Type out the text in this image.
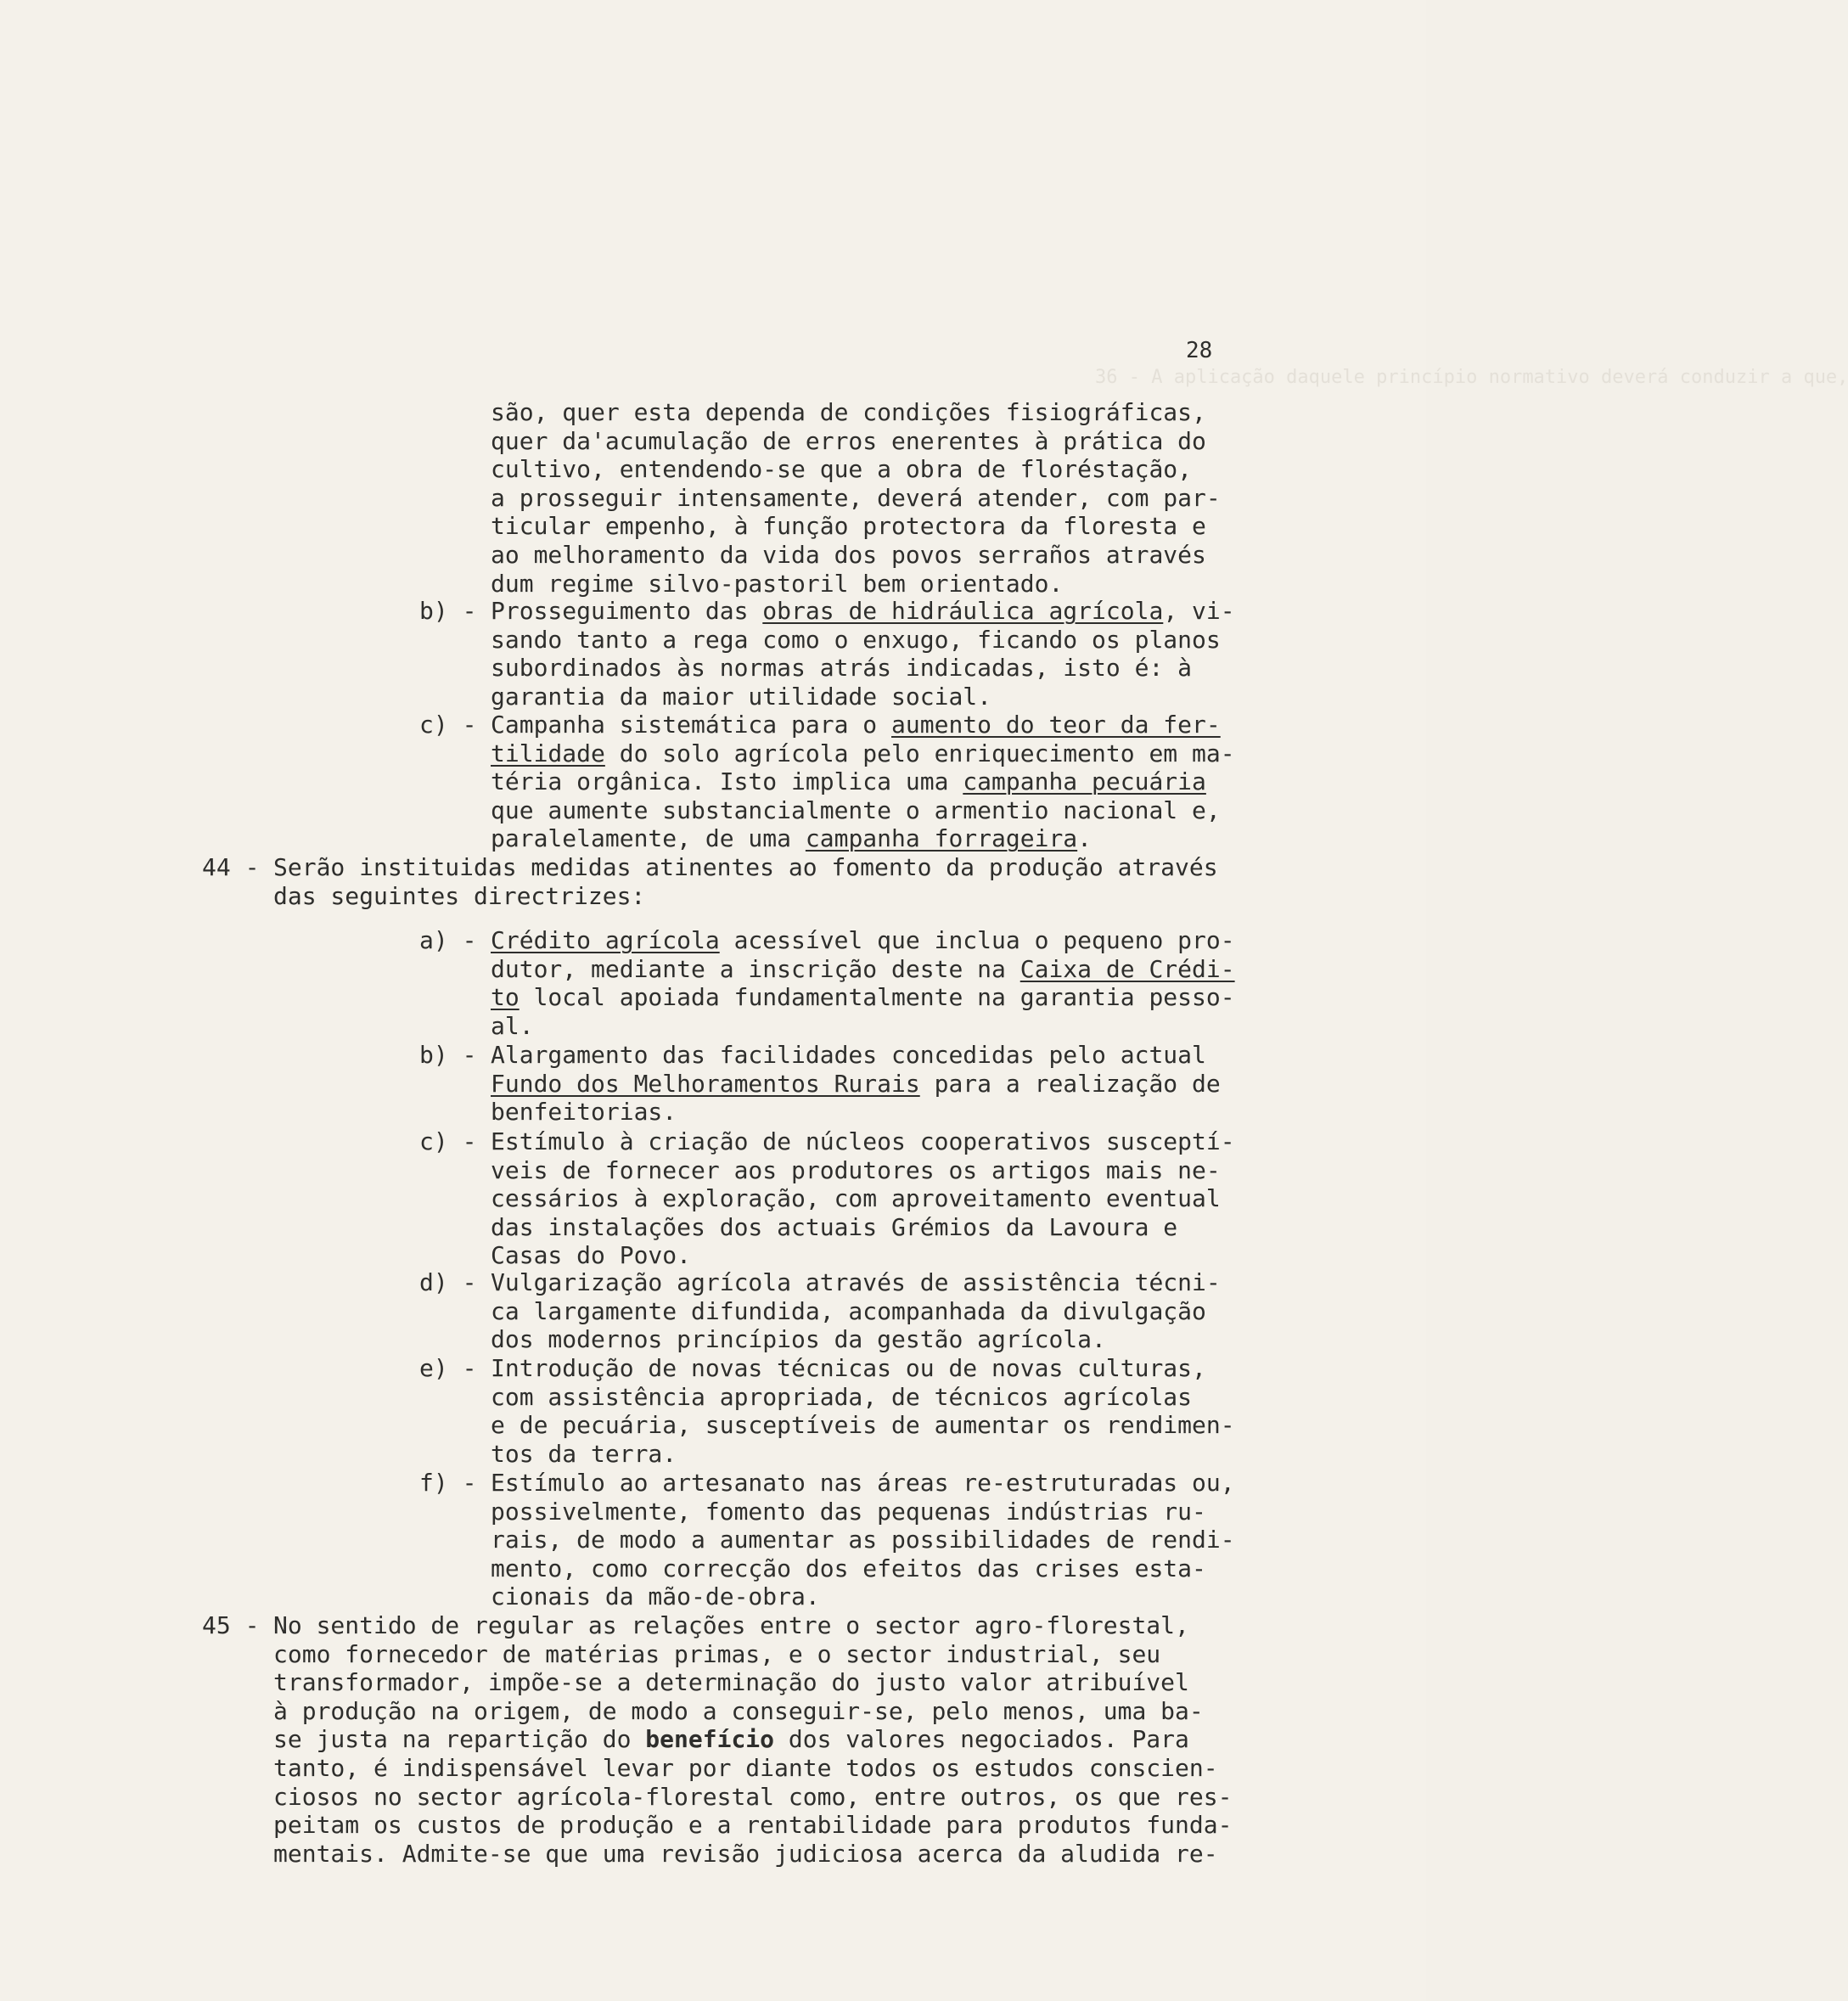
36 - A aplicação daquele princípio normativo deverá conduzir a que,
28
são, quer esta dependa de condições fisiográficas,
quer da'acumulação de erros enerentes à prática do
cultivo, entendendo-se que a obra de floréstação,
a prosseguir intensamente, deverá atender, com par-
ticular empenho, à função protectora da floresta e
ao melhoramento da vida dos povos serraños através
dum regime silvo-pastoril bem orientado.
b) - Prosseguimento das obras de hidráulica agrícola, vi-
sando tanto a rega como o enxugo, ficando os planos
subordinados às normas atrás indicadas, isto é: à
garantia da maior utilidade social.
c) - Campanha sistemática para o aumento do teor da fer-
tilidade do solo agrícola pelo enriquecimento em ma-
téria orgânica. Isto implica uma campanha pecuária
que aumente substancialmente o armentio nacional e,
paralelamente, de uma campanha forrageira.
44 - Serão instituidas medidas atinentes ao fomento da produção através
das seguintes directrizes:
a) - Crédito agrícola acessível que inclua o pequeno pro-
dutor, mediante a inscrição deste na Caixa de Crédi-
to local apoiada fundamentalmente na garantia pesso-
al.
b) - Alargamento das facilidades concedidas pelo actual
Fundo dos Melhoramentos Rurais para a realização de
benfeitorias.
c) - Estímulo à criação de núcleos cooperativos susceptí-
veis de fornecer aos produtores os artigos mais ne-
cessários à exploração, com aproveitamento eventual
das instalações dos actuais Grémios da Lavoura e
Casas do Povo.
d) - Vulgarização agrícola através de assistência técni-
ca largamente difundida, acompanhada da divulgação
dos modernos princípios da gestão agrícola.
e) - Introdução de novas técnicas ou de novas culturas,
com assistência apropriada, de técnicos agrícolas
e de pecuária, susceptíveis de aumentar os rendimen-
tos da terra.
f) - Estímulo ao artesanato nas áreas re-estruturadas ou,
possivelmente, fomento das pequenas indústrias ru-
rais, de modo a aumentar as possibilidades de rendi-
mento, como correcção dos efeitos das crises esta-
cionais da mão-de-obra.
45 - No sentido de regular as relações entre o sector agro-florestal,
como fornecedor de matérias primas, e o sector industrial, seu
transformador, impõe-se a determinação do justo valor atribuível
à produção na origem, de modo a conseguir-se, pelo menos, uma ba-
se justa na repartição do benefício dos valores negociados. Para
tanto, é indispensável levar por diante todos os estudos conscien-
ciosos no sector agrícola-florestal como, entre outros, os que res-
peitam os custos de produção e a rentabilidade para produtos funda-
mentais. Admite-se que uma revisão judiciosa acerca da aludida re-
